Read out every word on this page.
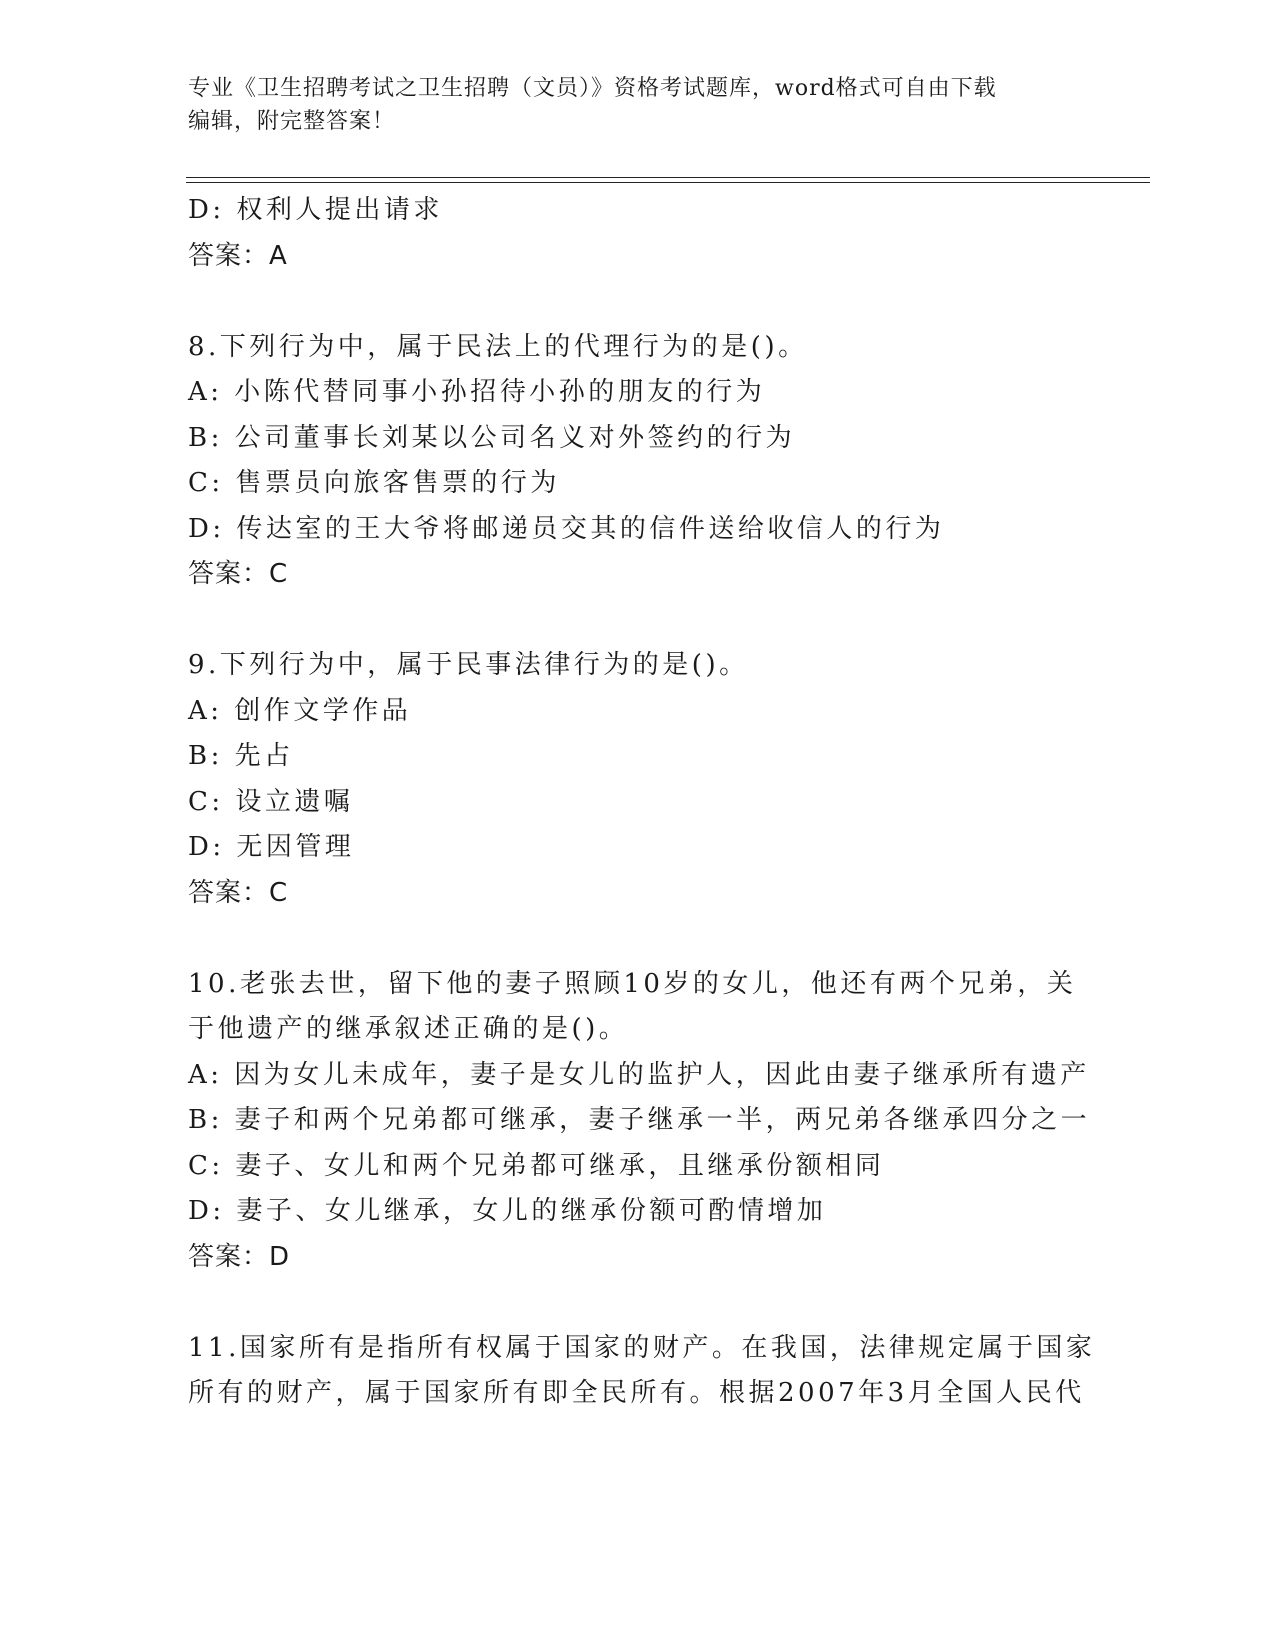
专业《卫生招聘考试之卫生招聘（文员）》资格考试题库，word格式可自由下载
编辑，附完整答案！
D: 权利人提出请求
答案：A
8.下列行为中，属于民法上的代理行为的是()。
A: 小陈代替同事小孙招待小孙的朋友的行为
B: 公司董事长刘某以公司名义对外签约的行为
C: 售票员向旅客售票的行为
D: 传达室的王大爷将邮递员交其的信件送给收信人的行为
答案：C
9.下列行为中，属于民事法律行为的是()。
A: 创作文学作品
B: 先占
C: 设立遗嘱
D: 无因管理
答案：C
10.老张去世，留下他的妻子照顾10岁的女儿，他还有两个兄弟，关
于他遗产的继承叙述正确的是()。
A: 因为女儿未成年，妻子是女儿的监护人，因此由妻子继承所有遗产
B: 妻子和两个兄弟都可继承，妻子继承一半，两兄弟各继承四分之一
C: 妻子、女儿和两个兄弟都可继承，且继承份额相同
D: 妻子、女儿继承，女儿的继承份额可酌情增加
答案：D
11.国家所有是指所有权属于国家的财产。在我国，法律规定属于国家
所有的财产，属于国家所有即全民所有。根据2007年3月全国人民代
